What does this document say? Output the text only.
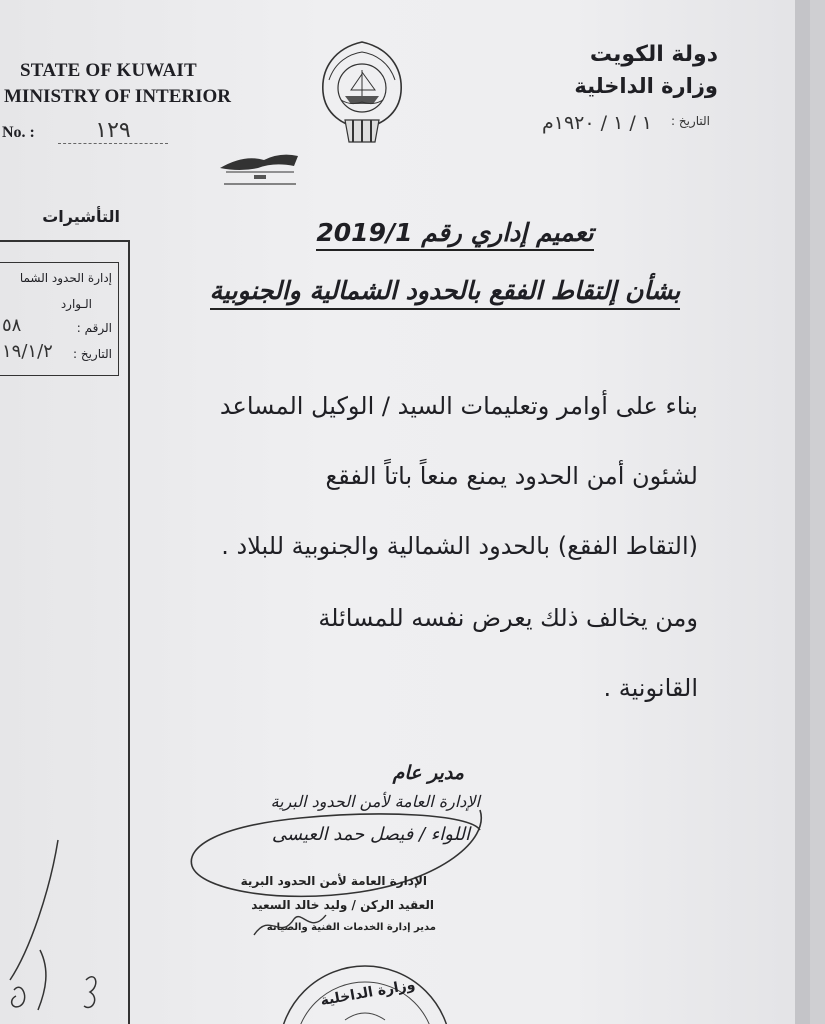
STATE OF KUWAIT
MINISTRY OF INTERIOR
No. :	١٢٩
دولة الكويت
وزارة الداخلية
التاريخ :
١ / ١ / ١٩٢٠م
التأشيرات
إدارة الحدود الشما
الـوارد
الرقم :
التاريخ :
٥٨
١٩/١/٢
تعميم إداري رقم 2019/1
بشأن إلتقاط الفقع بالحدود الشمالية والجنوبية
بناء على أوامر وتعليمات السيد / الوكيل المساعد
لشئون أمن الحدود يمنع منعاً باتاً الفقع
(التقاط الفقع) بالحدود الشمالية والجنوبية للبلاد .
ومن يخالف ذلك يعرض نفسه للمسائلة
القانونية .
مدير عام
الإدارة العامة لأمن الحدود البرية
اللواء / فيصل حمد العيسى
الإدارة العامة لأمن الحدود البرية
العقيد الركن / وليد خالد السعيد
مدير إدارة الخدمات الفنية والصيانة
وزارة الداخلية
